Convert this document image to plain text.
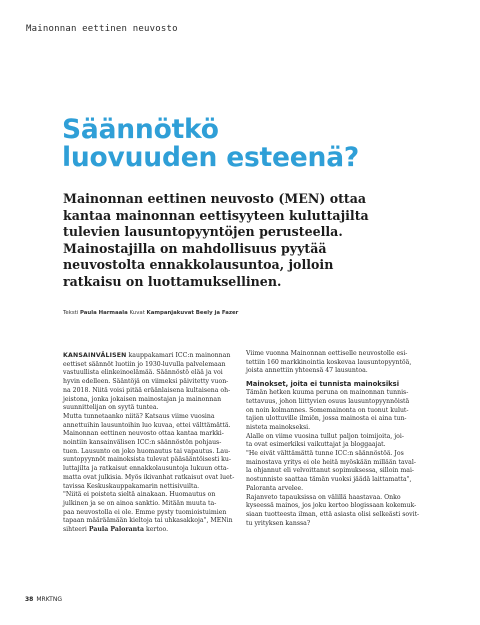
Mainonnan eettinen neuvosto
Säännötkö
luovuuden esteenä?
Mainonnan eettinen neuvosto (MEN) ottaa
kantaa mainonnan eettisyyteen kuluttajilta
tulevien lausuntopyyntöjen perusteella.
Mainostajilla on mahdollisuus pyytää
neuvostolta ennakkolausuntoa, jolloin
ratkaisu on luottamuksellinen.
Teksti Paula Harmaala Kuvat Kampanjakuvat Beely ja Fazer
KANSAINVÄLISEN kauppakamari ICC:n mainonnan
eettiset säännöt luotiin jo 1930-luvulla palvelemaan
vastuullista elinkeinoelämää. Säännöstö elää ja voi
hyvin edelleen. Sääntöjä on viimeksi päivitetty vuon-
na 2018. Niitä voisi pitää eräänlaisena kultaisena oh-
jeistona, jonka jokaisen mainostajan ja mainonnan
suunnittelijan on syytä tuntea.
Mutta tunnetaanko niitä? Katsaus viime vuosina
annettuihin lausuntoihin luo kuvaa, ettei välttämättä.
Mainonnan eettinen neuvosto ottaa kantaa markki-
nointiin kansainvälisen ICC:n säännöstön pohjaus-
tuen. Lausunto on joko huomautus tai vapautus. Lau-
suntopyynnöt mainoksista tulevat pääsääntöisesti ku-
luttajilta ja ratkaisut ennakkolausuntoja lukuun otta-
matta ovat julkisia. Myös ikivanhat ratkaisut ovat luet-
tavissa Keskuskauppakamarin nettisivuilta.
"Niitä ei poisteta sieltä ainakaan. Huomautus on
julkinen ja se on ainoa sanktio. Mitään muuta ta-
paa neuvostolla ei ole. Emme pysty tuomioistuimien
tapaan määräämään kieltoja tai uhkasakkoja", MENin
sihteeri Paula Paloranta kertoo.
Viime vuonna Mainonnan eettiselle neuvostolle esi-
tettiin 160 markkinointia koskevaa lausuntopyyntöä,
joista annettiin yhteensä 47 lausuntoa.
Mainokset, joita ei tunnista mainoksiksi
Tämän hetken kuuma peruna on mainonnan tunnis-
tettavuus, johon liittyvien osuus lausuntopyynnöistä
on noin kolmannes. Somemainonta on tuonut kulut-
tajien ulottuville ilmiön, jossa mainosta ei aina tun-
nisteta mainokseksi.
Alalle on viime vuosina tullut paljon toimijoita, joi-
ta ovat esimerkiksi vaikuttajat ja bloggaajat.
"He eivät välttämättä tunne ICC:n säännöstöä. Jos
mainostava yritys ei ole heitä myöskään millään taval-
la ohjannut eli velvoittanut sopimuksessa, silloin mai-
nostunniste saattaa tämän vuoksi jäädä laittamatta",
Paloranta arvelee.
Rajanveto tapauksissa on välillä haastavaa. Onko
kyseessä mainos, jos joku kertoo blogissaan kokemuk-
siaan tuotteesta ilman, että asiasta olisi selkeästi sovit-
tu yrityksen kanssa?
38 MRKTNG
